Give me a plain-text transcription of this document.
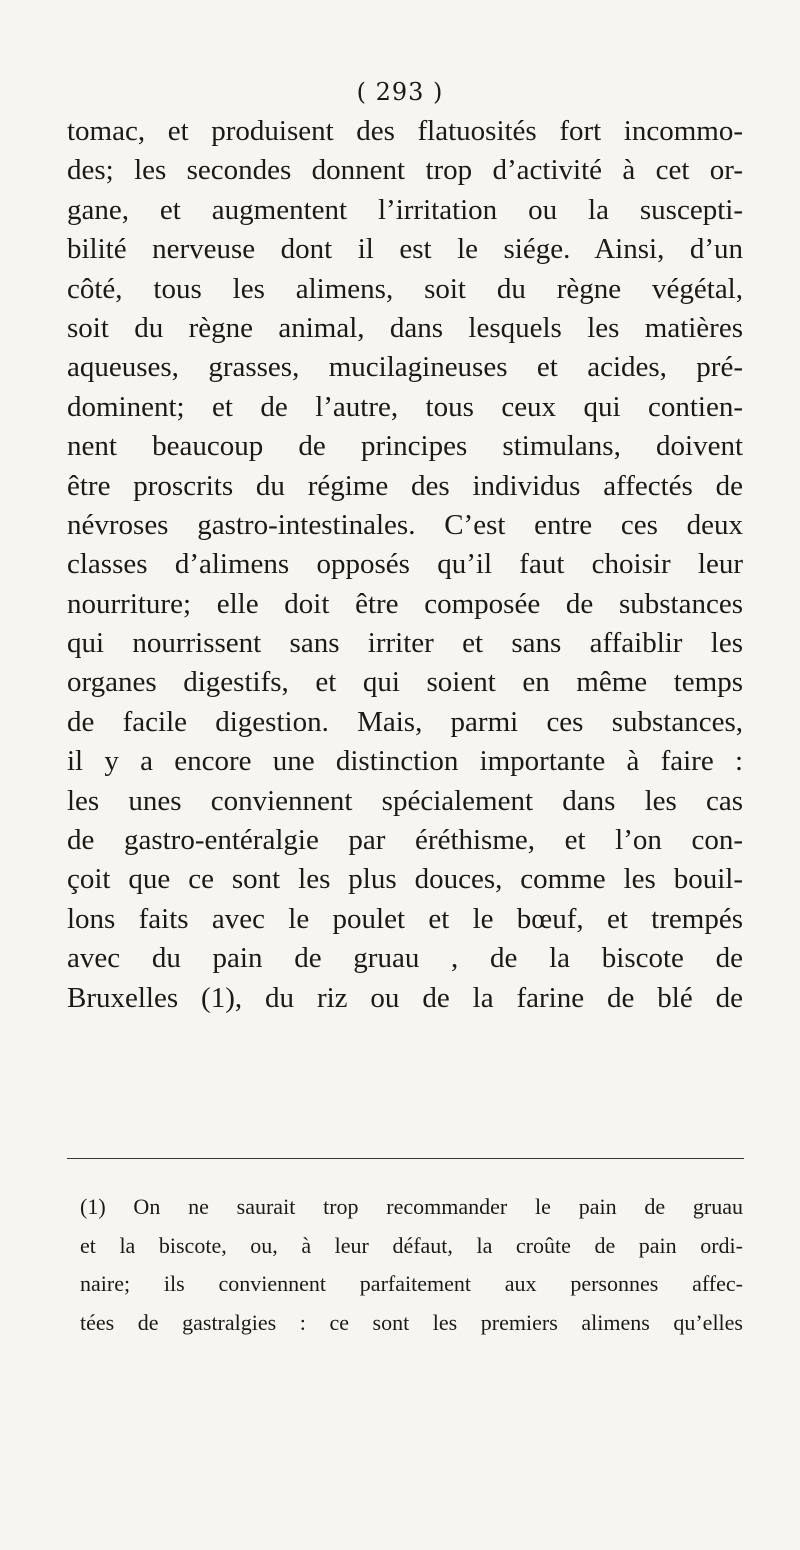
( 293 )
tomac, et produisent des flatuosités fort incommo-
des; les secondes donnent trop d’activité à cet or-
gane, et augmentent l’irritation ou la suscepti-
bilité nerveuse dont il est le siége. Ainsi, d’un
côté, tous les alimens, soit du règne végétal,
soit du règne animal, dans lesquels les matières
aqueuses, grasses, mucilagineuses et acides, pré-
dominent; et de l’autre, tous ceux qui contien-
nent beaucoup de principes stimulans, doivent
être proscrits du régime des individus affectés de
névroses gastro-intestinales. C’est entre ces deux
classes d’alimens opposés qu’il faut choisir leur
nourriture; elle doit être composée de substances
qui nourrissent sans irriter et sans affaiblir les
organes digestifs, et qui soient en même temps
de facile digestion. Mais, parmi ces substances,
il y a encore une distinction importante à faire :
les unes conviennent spécialement dans les cas
de gastro-entéralgie par éréthisme, et l’on con-
çoit que ce sont les plus douces, comme les bouil-
lons faits avec le poulet et le bœuf, et trempés
avec du pain de gruau , de la biscote de
Bruxelles (1), du riz ou de la farine de blé de
(1) On ne saurait trop recommander le pain de gruau
et la biscote, ou, à leur défaut, la croûte de pain ordi-
naire; ils conviennent parfaitement aux personnes affec-
tées de gastralgies : ce sont les premiers alimens qu’elles
